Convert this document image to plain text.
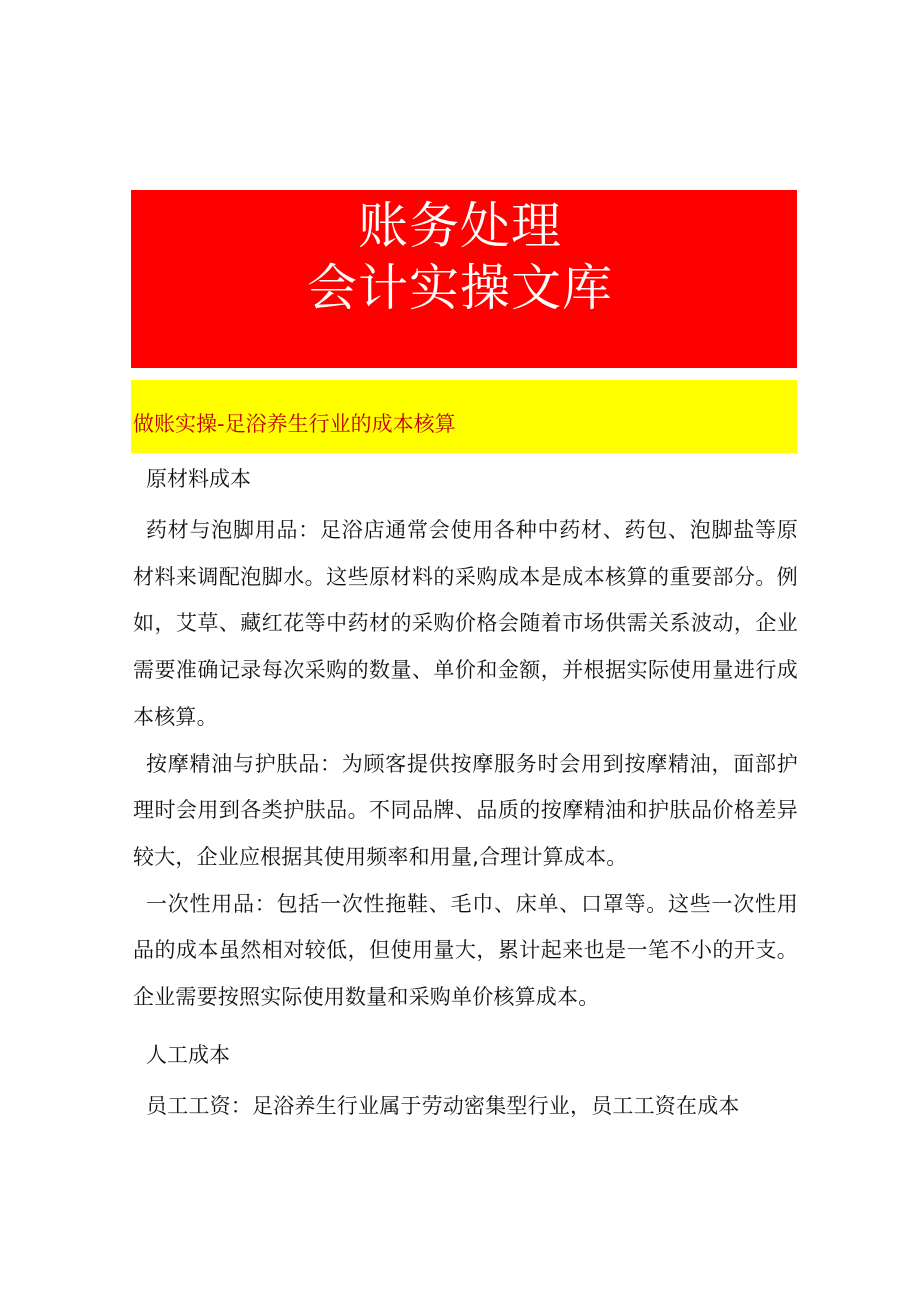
账务处理
会计实操文库
做账实操-足浴养生行业的成本核算
原材料成本

药材与泡脚用品：足浴店通常会使用各种中药材、药包、泡脚盐等原材料来调配泡脚水。这些原材料的采购成本是成本核算的重要部分。例如，艾草、藏红花等中药材的采购价格会随着市场供需关系波动，企业需要准确记录每次采购的数量、单价和金额，并根据实际使用量进行成本核算。

按摩精油与护肤品：为顾客提供按摩服务时会用到按摩精油，面部护理时会用到各类护肤品。不同品牌、品质的按摩精油和护肤品价格差异较大，企业应根据其使用频率和用量,合理计算成本。

一次性用品：包括一次性拖鞋、毛巾、床单、口罩等。这些一次性用品的成本虽然相对较低，但使用量大，累计起来也是一笔不小的开支。企业需要按照实际使用数量和采购单价核算成本。

人工成本

员工工资：足浴养生行业属于劳动密集型行业，员工工资在成本
